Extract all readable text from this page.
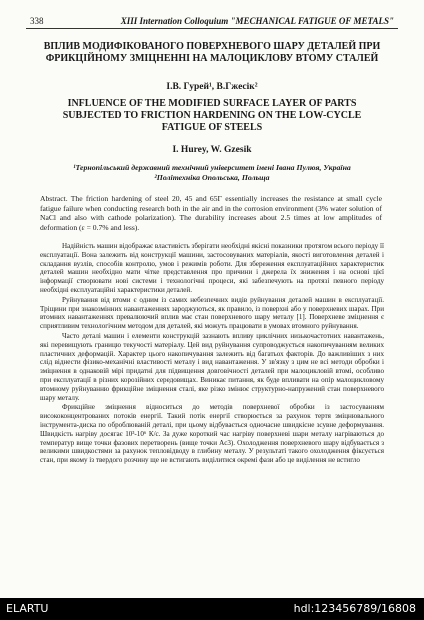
338	XIII Internation Colloquium "MECHANICAL FATIGUE OF METALS"
ВПЛИВ МОДИФІКОВАНОГО ПОВЕРХНЕВОГО ШАРУ ДЕТАЛЕЙ ПРИ ФРИКЦІЙНОМУ ЗМІЦНЕННІ НА МАЛОЦИКЛОВУ ВТОМУ СТАЛЕЙ
І.В. Гурей¹, В.Гжесік²
INFLUENCE OF THE MODIFIED SURFACE LAYER OF PARTS SUBJECTED TO FRICTION HARDENING ON THE LOW-CYCLE FATIGUE OF STEELS
I. Hurey, W. Gzesik
¹Тернопільський державний технічний університет імені Івана Пулюя, Україна
²Політехніка Опольська, Польща
Abstract. The friction hardening of steel 20, 45 and 65Г essentially increases the resistance at small cycle fatigue failure when conducting research both in the air and in the corrosion environment (3% water solution of NaCl and also with cathode polarization). The durability increases about 2.5 times at low amplitudes of deformation (ε = 0.7% and less).

Надійність машин відображає властивість зберігати необхідні якісні показники протягом всього періоду її експлуатації. Вона залежить від конструкції машини, застосовуваних матеріалів, якості виготовлення деталей і складання вузлів, способів контролю, умов і режимів роботи. Для збереження експлуатаційних характеристик деталей машин необхідно мати чітке представлення про причини і джерела їх зниження і на основі цієї інформації створювати нові системи і технологічні процеси, які забезпечують на протязі певного періоду необхідні експлуатаційні характеристики деталей.

Руйнування від втоми є одним із самих небезпечних видів руйнування деталей машин в експлуатації. Тріщини при знакозмінних навантаженнях зароджуються, як правило, із поверхні або у поверхневих шарах. При втомних навантаженнях превалюючий вплив має стан поверхневого шару металу [1]. Поверхневе зміцнення є сприятливим технологічним методом для деталей, які можуть працювати в умовах втомного руйнування.

Часто деталі машин і елементи конструкцій зазнають впливу циклічних низькочастотних навантажень, які перевищують границю текучості матеріалу. Цей вид руйнування супроводжується накопичуванням великих пластичних деформацій. Характер цього накопичування залежить від багатьох факторів. До важливіших з них слід віднести фізико-механічні властивості металу і вид навантаження. У зв'язку з цим не всі методи обробки і зміцнення в однаковій мірі придатні для підвищення довговічності деталей при малоцикловій втомі, особливо при експлуатації в різних корозійних середовищах. Виникає питання, як буде впливати на опір малоцикловому втомному руйнуванню фрикційне зміцнення сталі, яке різко змінює структурно-напружений стан поверхневого шару металу.

Фрикційне зміцнення відноситься до методів поверхневої обробки із застосуванням висококонцентрованих потоків енергії. Такий потік енергії створюється за рахунок тертя зміцнювального інструмента-диска по оброблюваній деталі, при цьому відбувається одночасне швидкісне зсувне деформування. Швидкість нагріву досягає 10³-10⁶ К/с. За дуже короткий час нагріву поверхневі шари металу нагріваються до температур вище точки фазових перетворень (вище точки Ac3). Охолодження поверхневого шару відбувається з великими швидкостями за рахунок тепловідводу в глибину металу. У результаті такого охолодження фіксується стан, при якому із твердого розчину ще не встигають виділитися окремі фази або це виділення не встигло

ELARTU	hdl:123456789/16808
